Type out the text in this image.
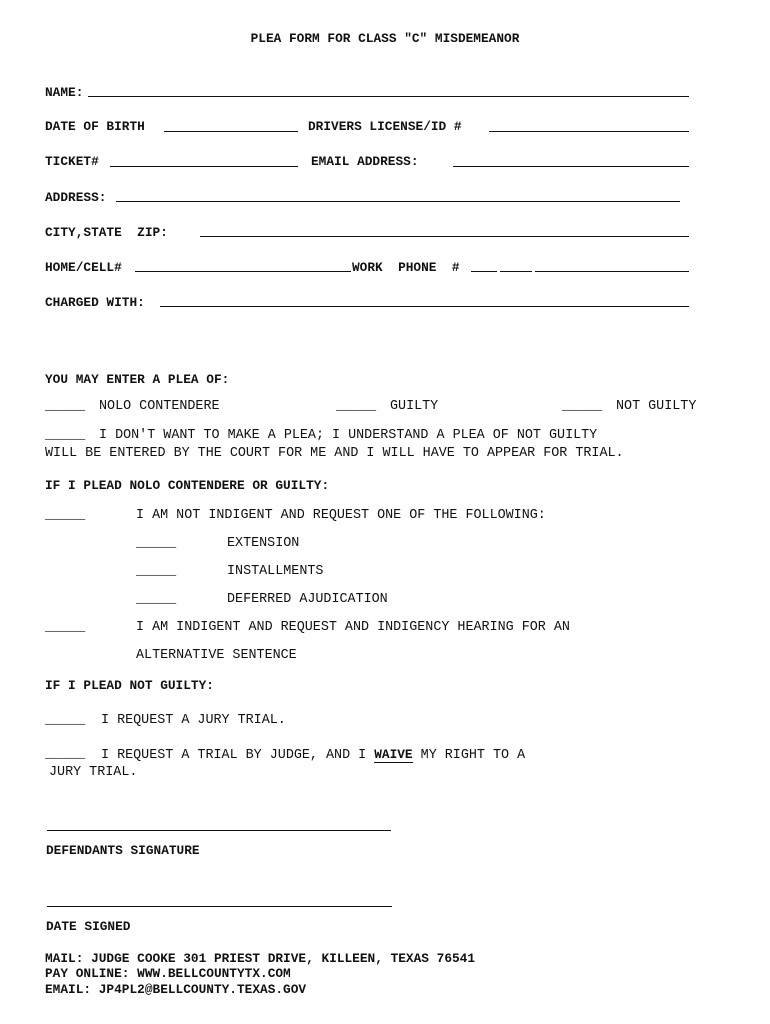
PLEA FORM FOR CLASS "C" MISDEMEANOR
NAME:
DATE OF BIRTH	DRIVERS LICENSE/ID #
TICKET#	EMAIL ADDRESS:
ADDRESS:
CITY,STATE  ZIP:
HOME/CELL#	WORK  PHONE  #
CHARGED WITH:
YOU MAY ENTER A PLEA OF:
_____ NOLO CONTENDERE	_____ GUILTY	_____ NOT GUILTY
_____ I DON'T WANT TO MAKE A PLEA; I UNDERSTAND A PLEA OF NOT GUILTY
WILL BE ENTERED BY THE COURT FOR ME AND I WILL HAVE TO APPEAR FOR TRIAL.
IF I PLEAD NOLO CONTENDERE OR GUILTY:
_____	I AM NOT INDIGENT AND REQUEST ONE OF THE FOLLOWING:
_____	EXTENSION
_____	INSTALLMENTS
_____	DEFERRED AJUDICATION
_____	I AM INDIGENT AND REQUEST AND INDIGENCY HEARING FOR AN
ALTERNATIVE SENTENCE
IF I PLEAD NOT GUILTY:
_____ I REQUEST A JURY TRIAL.
_____ I REQUEST A TRIAL BY JUDGE, AND I WAIVE MY RIGHT TO A
JURY TRIAL.
DEFENDANTS SIGNATURE
DATE SIGNED
MAIL: JUDGE COOKE 301 PRIEST DRIVE, KILLEEN, TEXAS 76541
PAY ONLINE: WWW.BELLCOUNTYTX.COM
EMAIL: JP4PL2@BELLCOUNTY.TEXAS.GOV
